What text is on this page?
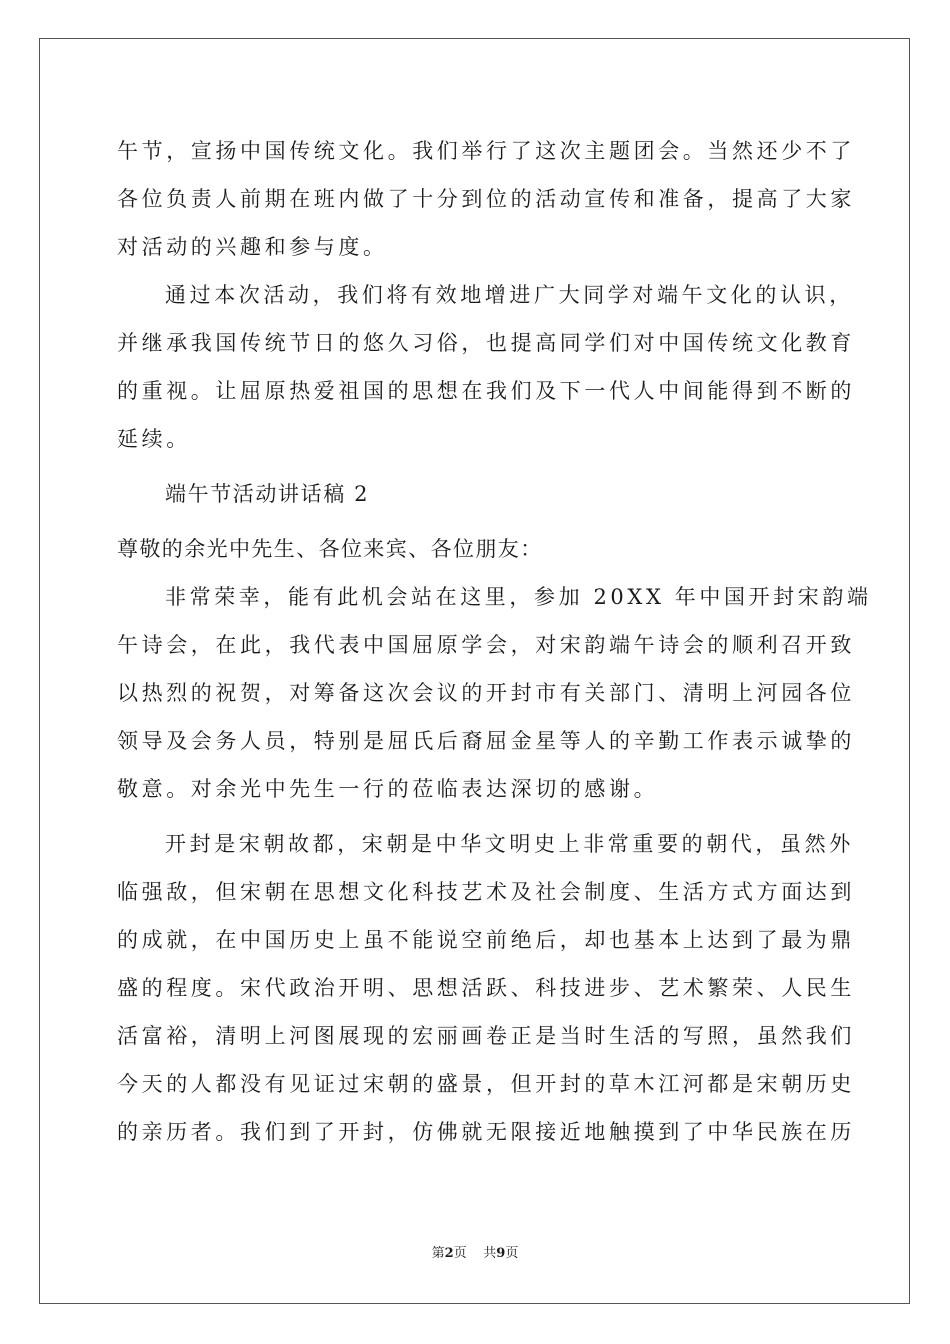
午节，宣扬中国传统文化。我们举行了这次主题团会。当然还少不了
各位负责人前期在班内做了十分到位的活动宣传和准备，提高了大家
对活动的兴趣和参与度。
通过本次活动，我们将有效地增进广大同学对端午文化的认识，
并继承我国传统节日的悠久习俗，也提高同学们对中国传统文化教育
的重视。让屈原热爱祖国的思想在我们及下一代人中间能得到不断的
延续。
端午节活动讲话稿 2
尊敬的余光中先生、各位来宾、各位朋友：
非常荣幸，能有此机会站在这里，参加 20XX 年中国开封宋韵端
午诗会，在此，我代表中国屈原学会，对宋韵端午诗会的顺利召开致
以热烈的祝贺，对筹备这次会议的开封市有关部门、清明上河园各位
领导及会务人员，特别是屈氏后裔屈金星等人的辛勤工作表示诚挚的
敬意。对余光中先生一行的莅临表达深切的感谢。
开封是宋朝故都，宋朝是中华文明史上非常重要的朝代，虽然外
临强敌，但宋朝在思想文化科技艺术及社会制度、生活方式方面达到
的成就，在中国历史上虽不能说空前绝后，却也基本上达到了最为鼎
盛的程度。宋代政治开明、思想活跃、科技进步、艺术繁荣、人民生
活富裕，清明上河图展现的宏丽画卷正是当时生活的写照，虽然我们
今天的人都没有见证过宋朝的盛景，但开封的草木江河都是宋朝历史
的亲历者。我们到了开封，仿佛就无限接近地触摸到了中华民族在历
第2页 共9页
